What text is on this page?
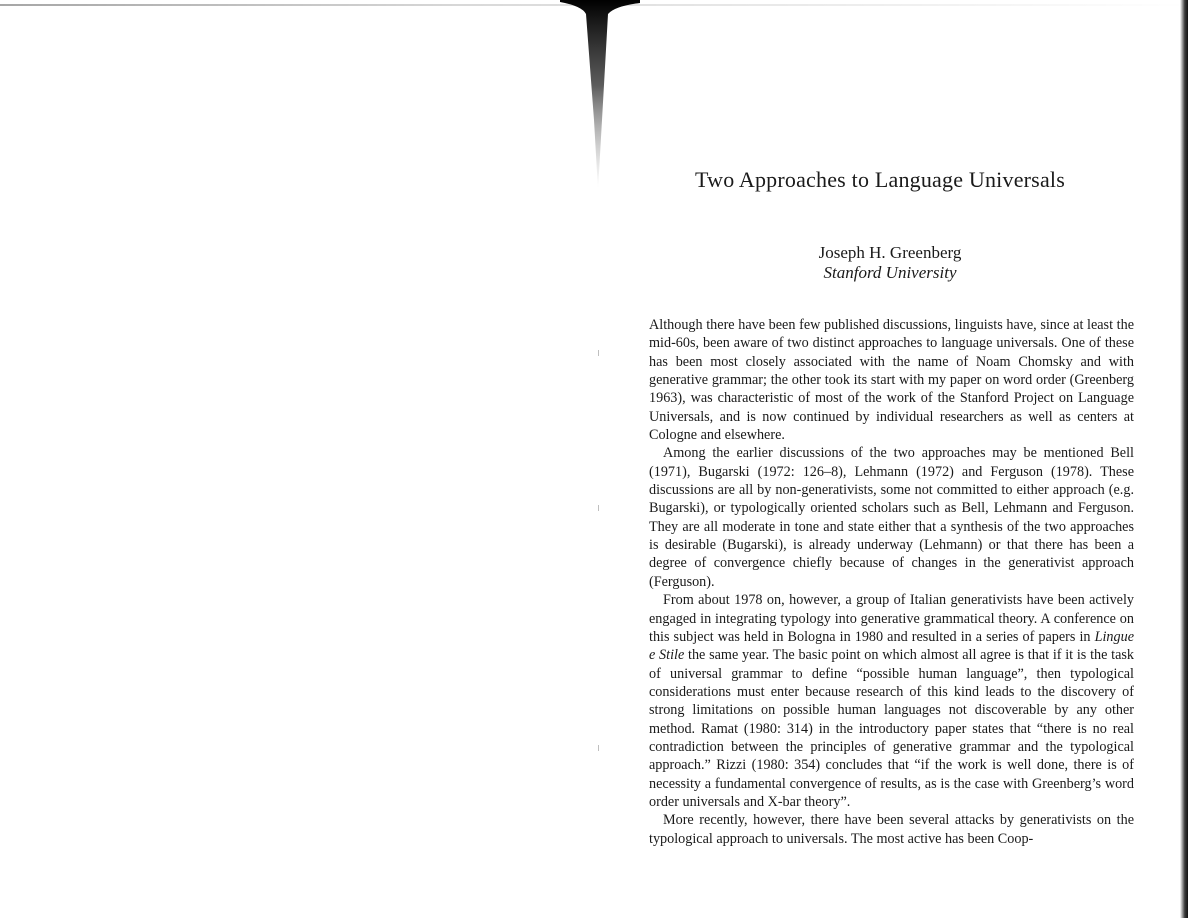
Two Approaches to Language Universals
Joseph H. Greenberg
Stanford University

Although there have been few published discussions, linguists have, since at least the mid-60s, been aware of two distinct approaches to language universals. One of these has been most closely associated with the name of Noam Chomsky and with generative grammar; the other took its start with my paper on word order (Greenberg 1963), was characteristic of most of the work of the Stanford Project on Language Universals, and is now continued by individual researchers as well as centers at Cologne and elsewhere.

Among the earlier discussions of the two approaches may be mentioned Bell (1971), Bugarski (1972: 126–8), Lehmann (1972) and Ferguson (1978). These discussions are all by non-generativists, some not committed to either approach (e.g. Bugarski), or typologically oriented scholars such as Bell, Lehmann and Ferguson. They are all moderate in tone and state either that a synthesis of the two approaches is desirable (Bugarski), is already underway (Lehmann) or that there has been a degree of convergence chiefly because of changes in the generativist approach (Ferguson).

From about 1978 on, however, a group of Italian generativists have been actively engaged in integrating typology into generative grammatical theory. A conference on this subject was held in Bologna in 1980 and resulted in a series of papers in Lingue e Stile the same year. The basic point on which almost all agree is that if it is the task of universal grammar to define “possible human language”, then typological considerations must enter because research of this kind leads to the discovery of strong limitations on possible human languages not discoverable by any other method. Ramat (1980: 314) in the introductory paper states that “there is no real contradiction between the principles of generative grammar and the typological approach.” Rizzi (1980: 354) concludes that “if the work is well done, there is of necessity a fundamental convergence of results, as is the case with Greenberg’s word order universals and X-bar theory”.

More recently, however, there have been several attacks by generativists on the typological approach to universals. The most active has been Coop-
